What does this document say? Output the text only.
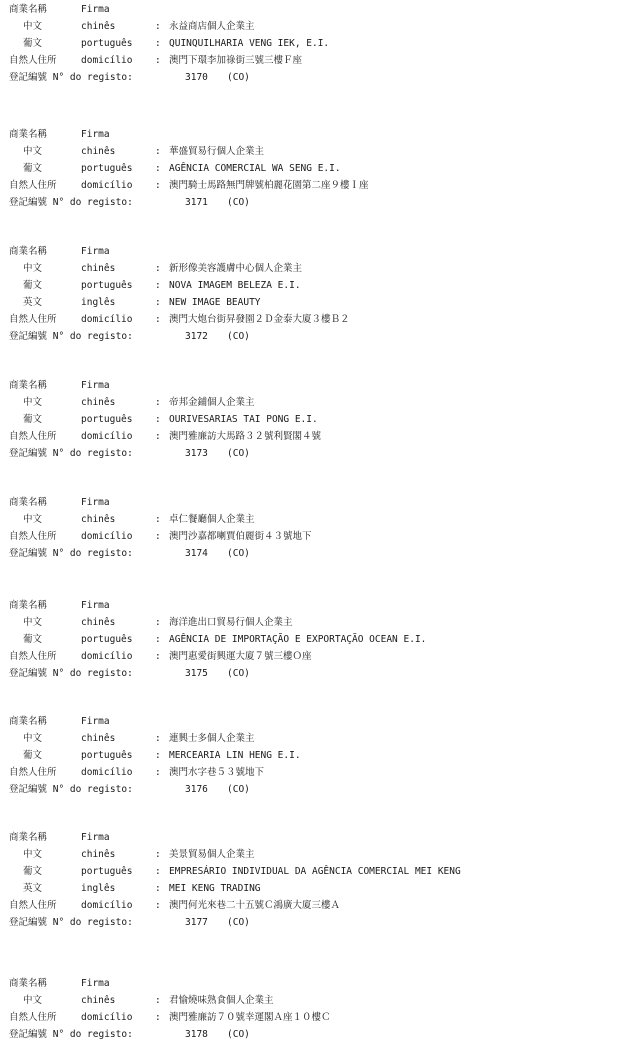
商業名稱	Firma
中文	chinês	: 永益商店個人企業主
葡文	português : QUINQUILHARIA VENG IEK, E.I.
自然人住所	domicílio : 澳門下環李加祿街三號三樓Ｆ座
登記編號 N° do registo:	3170 (CO)
商業名稱	Firma
中文	chinês	: 華盛貿易行個人企業主
葡文	português : AGÊNCIA COMERCIAL WA SENG E.I.
自然人住所	domicílio : 澳門騎士馬路無門牌號柏麗花園第二座９樓Ｉ座
登記編號 N° do registo:	3171 (CO)
商業名稱	Firma
中文	chinês	: 新形像美容護膚中心個人企業主
葡文	português : NOVA IMAGEM BELEZA E.I.
英文	inglês	: NEW IMAGE BEAUTY
自然人住所	domicílio : 澳門大炮台街昇發園２Ｄ金泰大廈３樓Ｂ２
登記編號 N° do registo:	3172 (CO)
商業名稱	Firma
中文	chinês	: 帝邦金鋪個人企業主
葡文	português : OURIVESARIAS TAI PONG E.I.
自然人住所	domicílio : 澳門雅廉訪大馬路３２號利賢閣４號
登記編號 N° do registo:	3173 (CO)
商業名稱	Firma
中文	chinês	: 卓仁餐廳個人企業主
自然人住所	domicílio : 澳門沙嘉都喇賈伯麗街４３號地下
登記編號 N° do registo:	3174 (CO)
商業名稱	Firma
中文	chinês	: 海洋進出口貿易行個人企業主
葡文	português : AGÊNCIA DE IMPORTAÇÃO E EXPORTAÇÃO OCEAN E.I.
自然人住所	domicílio : 澳門惠愛街興運大廈７號三樓Ｏ座
登記編號 N° do registo:	3175 (CO)
商業名稱	Firma
中文	chinês	: 連興士多個人企業主
葡文	português : MERCEARIA LIN HENG E.I.
自然人住所	domicílio : 澳門水字巷５３號地下
登記編號 N° do registo:	3176 (CO)
商業名稱	Firma
中文	chinês	: 美景貿易個人企業主
葡文	português : EMPRESÁRIO INDIVIDUAL DA AGÊNCIA COMERCIAL MEI KENG
英文	inglês	: MEI KENG TRADING
自然人住所	domicílio : 澳門何光來巷二十五號Ｃ鴻廣大廈三樓Ａ
登記編號 N° do registo:	3177 (CO)
商業名稱	Firma
中文	chinês	: 君愉燒味熟食個人企業主
自然人住所	domicílio : 澳門雅廉訪７０號幸運閣Ａ座１０樓Ｃ
登記編號 N° do registo:	3178 (CO)
